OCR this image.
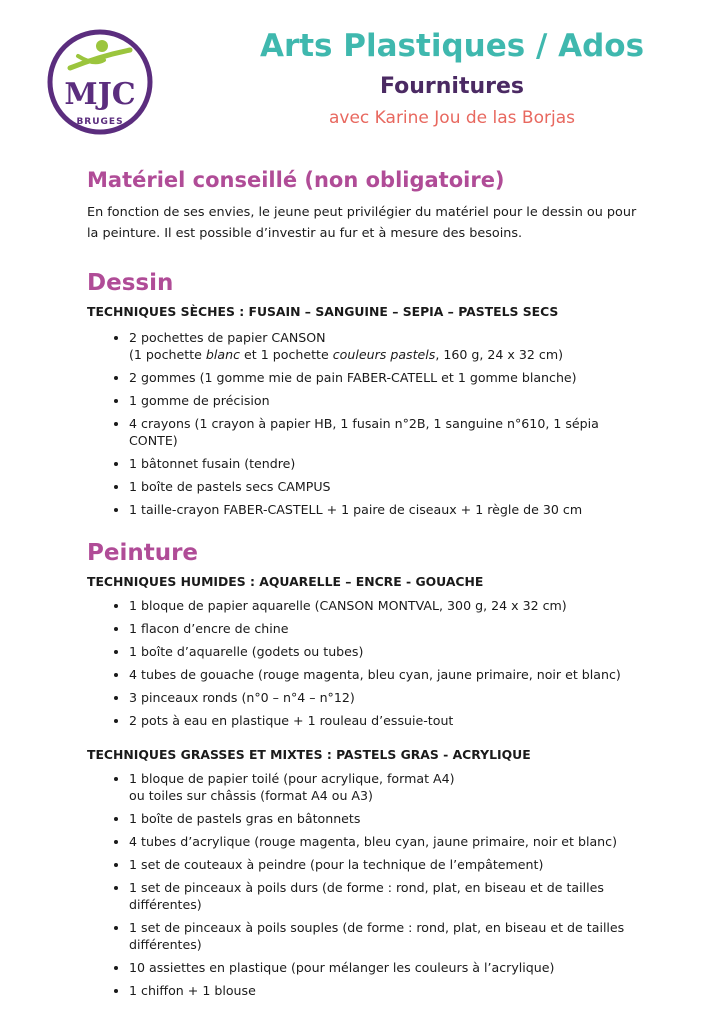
MJC
BRUGES
Arts Plastiques / Ados
Fournitures
avec Karine Jou de las Borjas
Matériel conseillé (non obligatoire)

En fonction de ses envies, le jeune peut privilégier du matériel pour le dessin ou pour la peinture. Il est possible d’investir au fur et à mesure des besoins.

Dessin
TECHNIQUES SÈCHES : FUSAIN – SANGUINE – SEPIA – PASTELS SECS
• 2 pochettes de papier CANSON
(1 pochette blanc et 1 pochette couleurs pastels, 160 g, 24 x 32 cm)
• 2 gommes (1 gomme mie de pain FABER-CATELL et 1 gomme blanche)
• 1 gomme de précision
• 4 crayons (1 crayon à papier HB, 1 fusain n°2B, 1 sanguine n°610, 1 sépia CONTE)
• 1 bâtonnet fusain (tendre)
• 1 boîte de pastels secs CAMPUS
• 1 taille-crayon FABER-CASTELL + 1 paire de ciseaux + 1 règle de 30 cm
Peinture
TECHNIQUES HUMIDES : AQUARELLE – ENCRE - GOUACHE
• 1 bloque de papier aquarelle (CANSON MONTVAL, 300 g, 24 x 32 cm)
• 1 flacon d’encre de chine
• 1 boîte d’aquarelle (godets ou tubes)
• 4 tubes de gouache (rouge magenta, bleu cyan, jaune primaire, noir et blanc)
• 3 pinceaux ronds (n°0 – n°4 – n°12)
• 2 pots à eau en plastique + 1 rouleau d’essuie-tout
TECHNIQUES GRASSES ET MIXTES : PASTELS GRAS - ACRYLIQUE
• 1 bloque de papier toilé (pour acrylique, format A4)
ou toiles sur châssis (format A4 ou A3)
• 1 boîte de pastels gras en bâtonnets
• 4 tubes d’acrylique (rouge magenta, bleu cyan, jaune primaire, noir et blanc)
• 1 set de couteaux à peindre (pour la technique de l’empâtement)
• 1 set de pinceaux à poils durs (de forme : rond, plat, en biseau et de tailles différentes)
• 1 set de pinceaux à poils souples (de forme : rond, plat, en biseau et de tailles différentes)
• 10 assiettes en plastique (pour mélanger les couleurs à l’acrylique)
• 1 chiffon + 1 blouse
